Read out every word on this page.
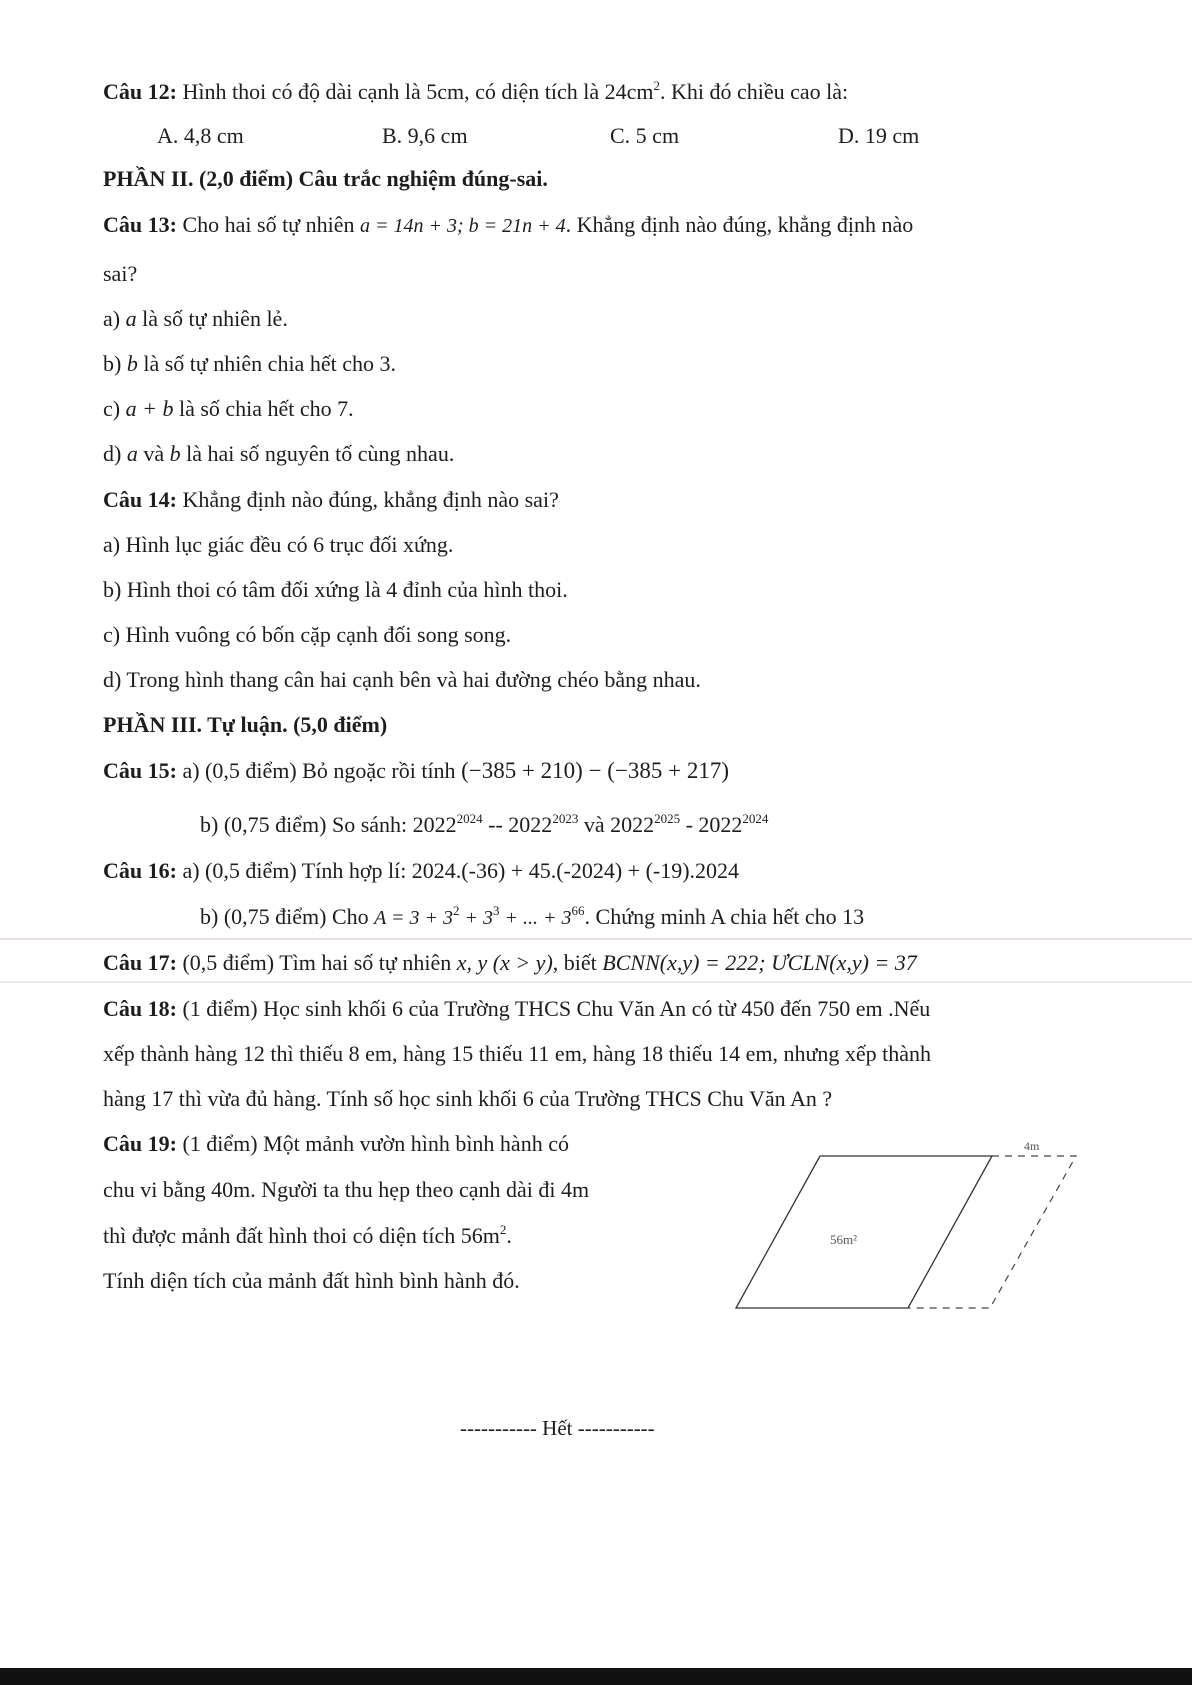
Câu 12: Hình thoi có độ dài cạnh là 5cm, có diện tích là $24cm^2$. Khi đó chiều cao là:
A. 4,8 cm	B. 9,6 cm	C. 5 cm	D. 19 cm
PHẦN II. (2,0 điểm) Câu trắc nghiệm đúng-sai.
Câu 13: Cho hai số tự nhiên a = 14n + 3; b = 21n + 4. Khẳng định nào đúng, khẳng định nào
sai?
a) a là số tự nhiên lẻ.
b) b là số tự nhiên chia hết cho 3.
c) a + b là số chia hết cho 7.
d) a và b là hai số nguyên tố cùng nhau.
Câu 14: Khẳng định nào đúng, khẳng định nào sai?
a) Hình lục giác đều có 6 trục đối xứng.
b) Hình thoi có tâm đối xứng là 4 đỉnh của hình thoi.
c) Hình vuông có bốn cặp cạnh đối song song.
d) Trong hình thang cân hai cạnh bên và hai đường chéo bằng nhau.
PHẦN III. Tự luận. (5,0 điểm)
Câu 15: a) (0,5 điểm) Bỏ ngoặc rồi tính (−385 + 210) − (−385 + 217)
b) (0,75 điểm) So sánh: $2022^{2024} -- 2022^{2023}$ và $2022^{2025} - 2022^{2024}$
Câu 16: a) (0,5 điểm) Tính hợp lí: 2024.(-36) + 45.(-2024) + (-19).2024
b) (0,75 điểm) Cho $A = 3 + 3^2 + 3^3$ + ... + $3^{66}$. Chứng minh A chia hết cho 13
Câu 17: (0,5 điểm) Tìm hai số tự nhiên x, y (x > y), biết BCNN(x,y) = 222; ƯCLN(x,y) = 37
Câu 18: (1 điểm) Học sinh khối 6 của Trường THCS Chu Văn An có từ 450 đến 750 em .Nếu
xếp thành hàng 12 thì thiếu 8 em, hàng 15 thiếu 11 em, hàng 18 thiếu 14 em, nhưng xếp thành
hàng 17 thì vừa đủ hàng. Tính số học sinh khối 6 của Trường THCS Chu Văn An ?
Câu 19: (1 điểm) Một mảnh vườn hình bình hành có
chu vi bằng 40m. Người ta thu hẹp theo cạnh dài đi 4m
thì được mảnh đất hình thoi có diện tích $56m^2$.
Tính diện tích của mảnh đất hình bình hành đó.
56m²
4m
----------- Hết -----------
